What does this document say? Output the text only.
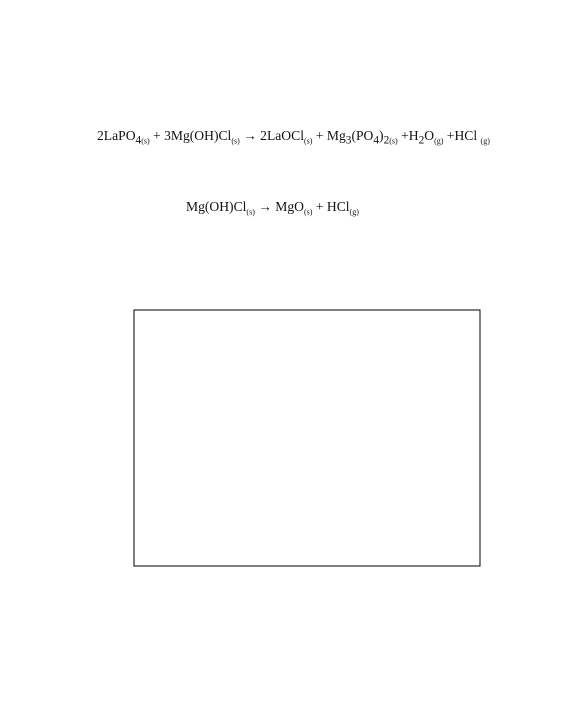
2LaPO$_{4(s)}$ + $3Mg(OH)Cl_{(s)}$ → 2LaOCl$_{(s)}$ + $Mg_3(PO_4)_{2(s)} +H_2O_{(g)} +HCl$ $_{(g)}$
$Mg(OH)Cl_{(s)} \to MgO_{(s)} + HCl_{(g)}$
